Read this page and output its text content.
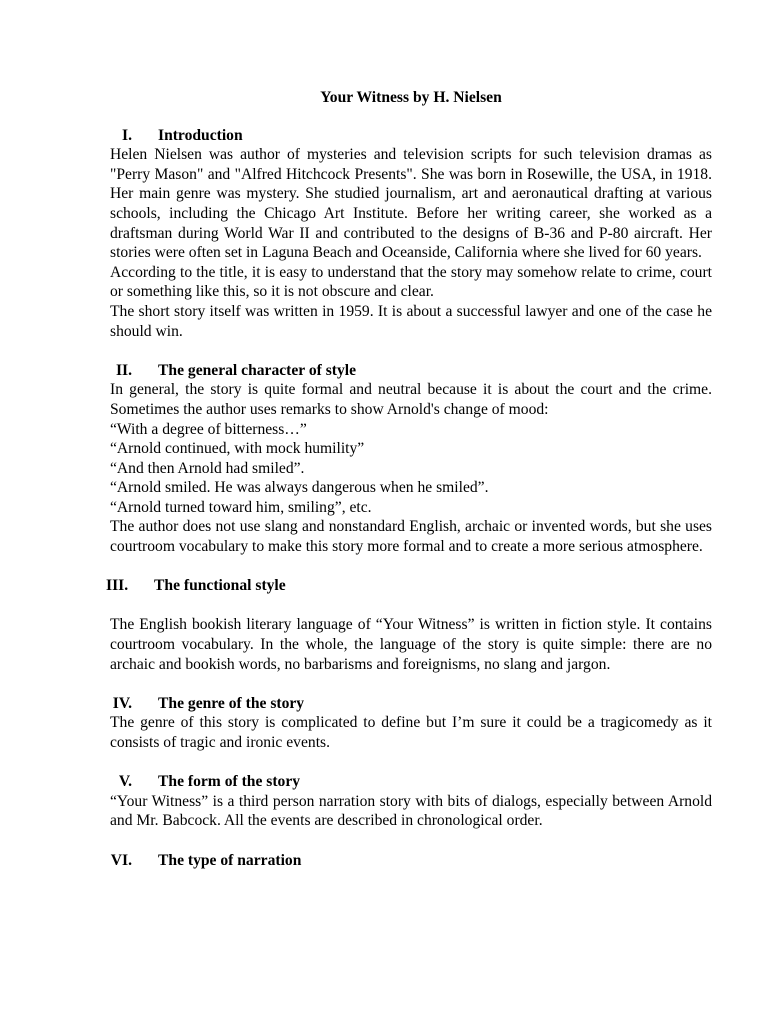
Your Witness by H. Nielsen
I. Introduction

Helen Nielsen was author of mysteries and television scripts for such television dramas as "Perry Mason" and "Alfred Hitchcock Presents". She was born in Rosewille, the USA, in 1918. Her main genre was mystery. She studied journalism, art and aeronautical drafting at various schools, including the Chicago Art Institute. Before her writing career, she worked as a draftsman during World War II and contributed to the designs of B-36 and P-80 aircraft. Her stories were often set in Laguna Beach and Oceanside, California where she lived for 60 years.

According to the title, it is easy to understand that the story may somehow relate to crime, court or something like this, so it is not obscure and clear.

The short story itself was written in 1959. It is about a successful lawyer and one of the case he should win.

II. The general character of style

In general, the story is quite formal and neutral because it is about the court and the crime. Sometimes the author uses remarks to show Arnold's change of mood:

“With a degree of bitterness…”

“Arnold continued, with mock humility”

“And then Arnold had smiled”.

“Arnold smiled. He was always dangerous when he smiled”.

“Arnold turned toward him, smiling”, etc.

The author does not use slang and nonstandard English, archaic or invented words, but she uses courtroom vocabulary to make this story more formal and to create a more serious atmosphere.

III. The functional style

The English bookish literary language of “Your Witness” is written in fiction style. It contains courtroom vocabulary. In the whole, the language of the story is quite simple: there are no archaic and bookish words, no barbarisms and foreignisms, no slang and jargon.

IV. The genre of the story

The genre of this story is complicated to define but I’m sure it could be a tragicomedy as it consists of tragic and ironic events.

V. The form of the story

“Your Witness” is a third person narration story with bits of dialogs, especially between Arnold and Mr. Babcock. All the events are described in chronological order.

VI. The type of narration
